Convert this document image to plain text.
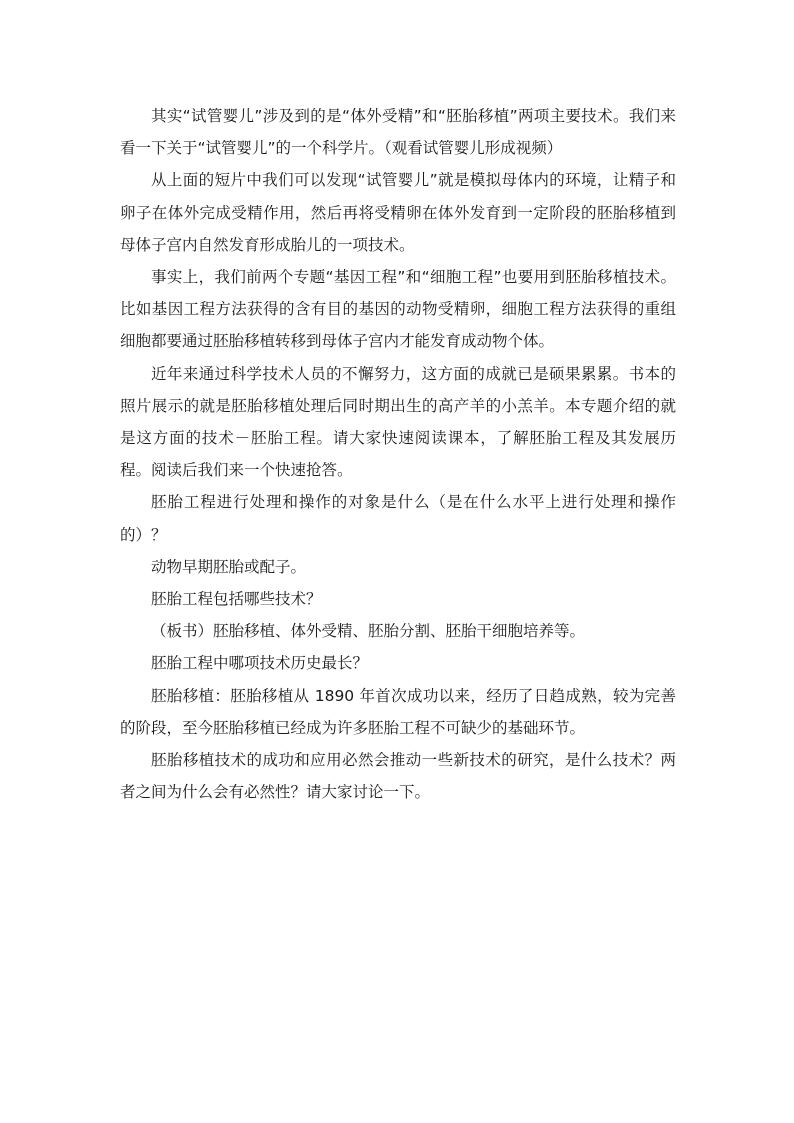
其实“试管婴儿”涉及到的是“体外受精”和“胚胎移植”两项主要技术。我们来看一下关于“试管婴儿”的一个科学片。（观看试管婴儿形成视频）

从上面的短片中我们可以发现“试管婴儿”就是模拟母体内的环境，让精子和卵子在体外完成受精作用，然后再将受精卵在体外发育到一定阶段的胚胎移植到母体子宫内自然发育形成胎儿的一项技术。

事实上，我们前两个专题“基因工程”和“细胞工程”也要用到胚胎移植技术。比如基因工程方法获得的含有目的基因的动物受精卵，细胞工程方法获得的重组细胞都要通过胚胎移植转移到母体子宫内才能发育成动物个体。

近年来通过科学技术人员的不懈努力，这方面的成就已是硕果累累。书本的照片展示的就是胚胎移植处理后同时期出生的高产羊的小羔羊。本专题介绍的就是这方面的技术－胚胎工程。请大家快速阅读课本，了解胚胎工程及其发展历程。阅读后我们来一个快速抢答。

胚胎工程进行处理和操作的对象是什么（是在什么水平上进行处理和操作的）？

动物早期胚胎或配子。

胚胎工程包括哪些技术？

（板书）胚胎移植、体外受精、胚胎分割、胚胎干细胞培养等。

胚胎工程中哪项技术历史最长？

胚胎移植：胚胎移植从 1890 年首次成功以来，经历了日趋成熟，较为完善的阶段，至今胚胎移植已经成为许多胚胎工程不可缺少的基础环节。

胚胎移植技术的成功和应用必然会推动一些新技术的研究，是什么技术？两者之间为什么会有必然性？请大家讨论一下。
